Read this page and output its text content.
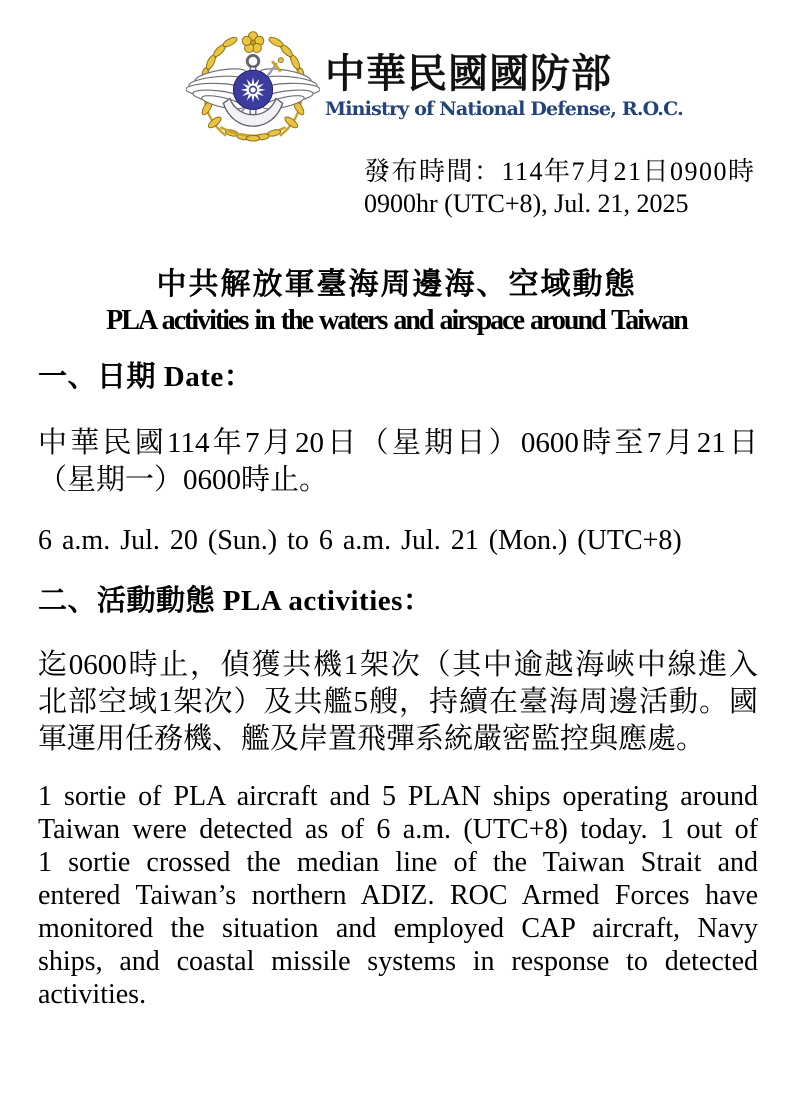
中華民國國防部
Ministry of National Defense, R.O.C.
發布時間：114年7月21日0900時
0900hr (UTC+8), Jul. 21, 2025
中共解放軍臺海周邊海、空域動態
PLA activities in the waters and airspace around Taiwan
一、日期 Date：
中華民國114年7月20日（星期日）0600時至7月21日
（星期一）0600時止。
6 a.m. Jul. 20 (Sun.) to 6 a.m. Jul. 21 (Mon.) (UTC+8)
二、活動動態 PLA activities：
迄0600時止，偵獲共機1架次（其中逾越海峽中線進入
北部空域1架次）及共艦5艘，持續在臺海周邊活動。國
軍運用任務機、艦及岸置飛彈系統嚴密監控與應處。
1 sortie of PLA aircraft and 5 PLAN ships operating around
Taiwan were detected as of 6 a.m. (UTC+8) today. 1 out of
1 sortie crossed the median line of the Taiwan Strait and
entered Taiwan’s northern ADIZ. ROC Armed Forces have
monitored the situation and employed CAP aircraft, Navy
ships, and coastal missile systems in response to detected
activities.
